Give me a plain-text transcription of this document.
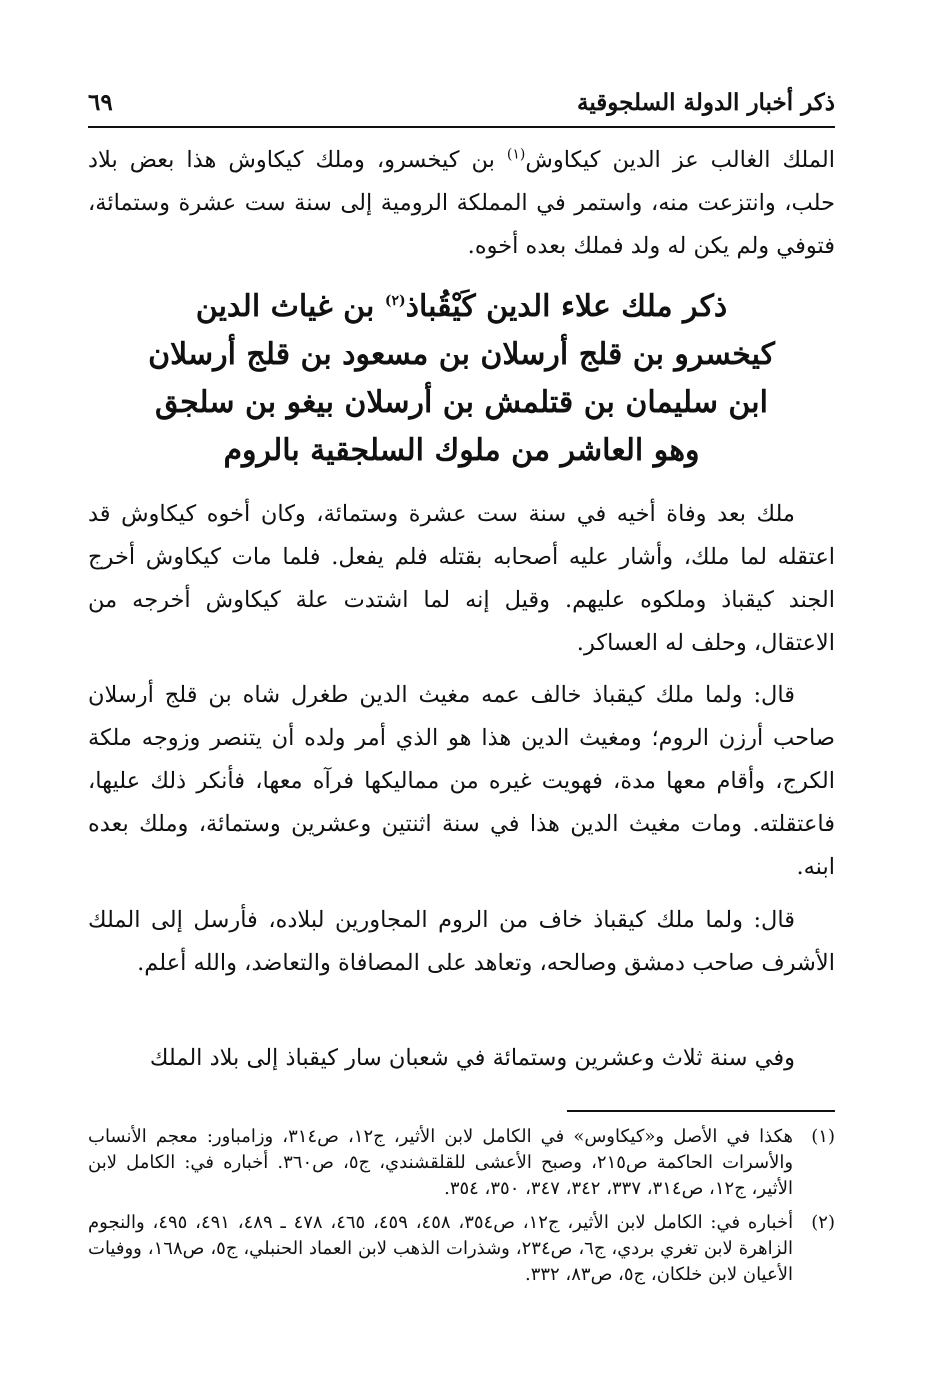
ذكر أخبار الدولة السلجوقية
٦٩

الملك الغالب عز الدين كيكاوش$^{(١)}$ بن كيخسرو، وملك كيكاوش هذا بعض بلاد حلب، وانتزعت منه، واستمر في المملكة الرومية إلى سنة ست عشرة وستمائة، فتوفي ولم يكن له ولد فملك بعده أخوه.

ذكر ملك علاء الدين كَيْقُباذ$^{(٢)}$ بن غياث الدين
كيخسرو بن قلج أرسلان بن مسعود بن قلج أرسلان
ابن سليمان بن قتلمش بن أرسلان بيغو بن سلجق
وهو العاشر من ملوك السلجقية بالروم

ملك بعد وفاة أخيه في سنة ست عشرة وستمائة، وكان أخوه كيكاوش قد اعتقله لما ملك، وأشار عليه أصحابه بقتله فلم يفعل. فلما مات كيكاوش أخرج الجند كيقباذ وملكوه عليهم. وقيل إنه لما اشتدت علة كيكاوش أخرجه من الاعتقال، وحلف له العساكر.

قال: ولما ملك كيقباذ خالف عمه مغيث الدين طغرل شاه بن قلج أرسلان صاحب أرزن الروم؛ ومغيث الدين هذا هو الذي أمر ولده أن يتنصر وزوجه ملكة الكرج، وأقام معها مدة، فهويت غيره من مماليكها فرآه معها، فأنكر ذلك عليها، فاعتقلته. ومات مغيث الدين هذا في سنة اثنتين وعشرين وستمائة، وملك بعده ابنه.

قال: ولما ملك كيقباذ خاف من الروم المجاورين لبلاده، فأرسل إلى الملك الأشرف صاحب دمشق وصالحه، وتعاهد على المصافاة والتعاضد، والله أعلم.

وفي سنة ثلاث وعشرين وستمائة في شعبان سار كيقباذ إلى بلاد الملك

(١)
هكذا في الأصل و«كيكاوس» في الكامل لابن الأثير، ج١٢، ص٣١٤، وزامباور: معجم الأنساب والأسرات الحاكمة ص٢١٥، وصبح الأعشى للقلقشندي، ج٥، ص٣٦٠. أخباره في: الكامل لابن الأثير، ج١٢، ص٣١٤، ٣٣٧، ٣٤٢، ٣٤٧، ٣٥٠، ٣٥٤.
(٢)
أخباره في: الكامل لابن الأثير، ج١٢، ص٣٥٤، ٤٥٨، ٤٥٩، ٤٦٥، ٤٧٨ ـ ٤٨٩، ٤٩١، ٤٩٥، والنجوم الزاهرة لابن تغري بردي، ج٦، ص٢٣٤، وشذرات الذهب لابن العماد الحنبلي، ج٥، ص١٦٨، ووفيات الأعيان لابن خلكان، ج٥، ص٨٣، ٣٣٢.
